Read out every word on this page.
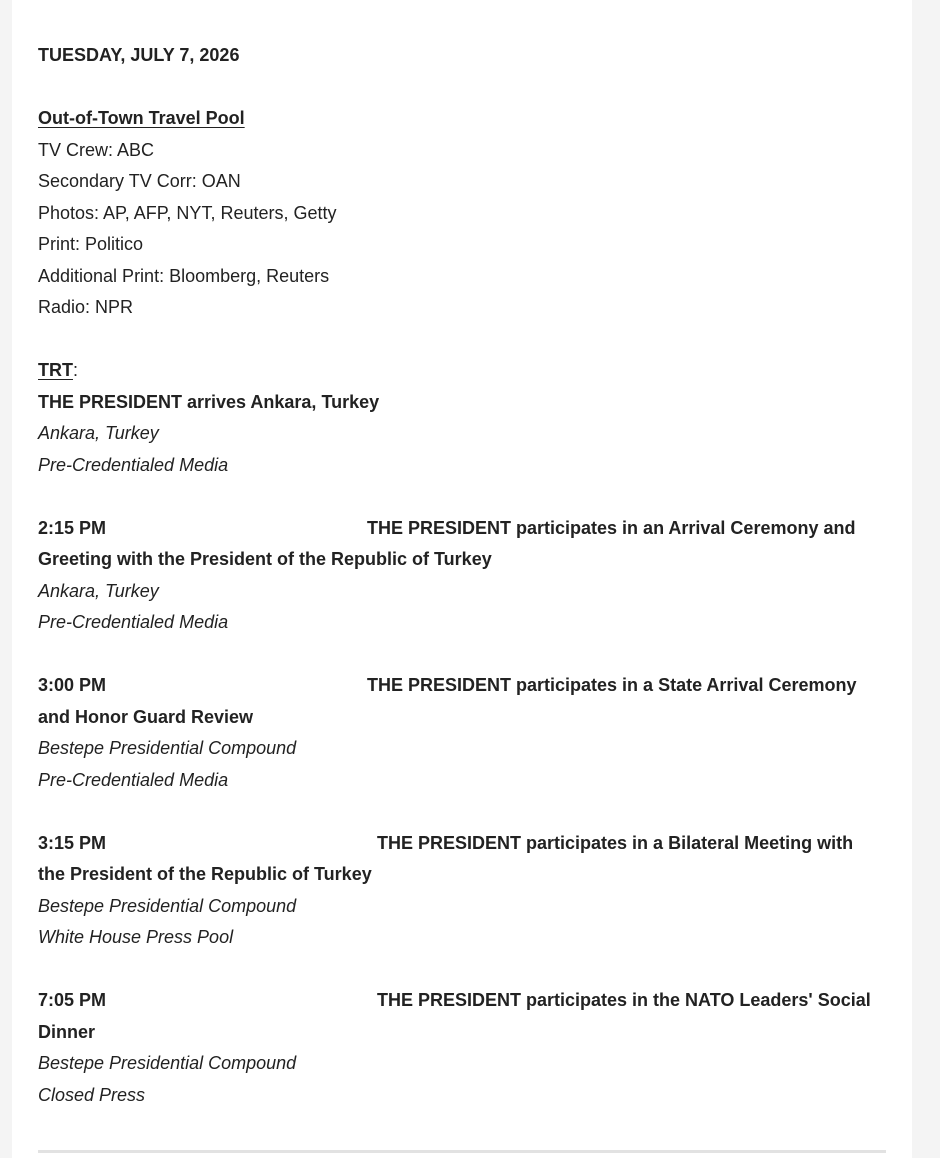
TUESDAY, JULY 7, 2026

Out-of-Town Travel Pool

TV Crew: ABC

Secondary TV Corr: OAN

Photos: AP, AFP, NYT, Reuters, Getty

Print: Politico

Additional Print: Bloomberg, Reuters

Radio: NPR

TRT:

THE PRESIDENT arrives Ankara, Turkey

Ankara, Turkey

Pre-Credentialed Media

2:15 PM	THE PRESIDENT participates in an Arrival Ceremony and

Greeting with the President of the Republic of Turkey

Ankara, Turkey

Pre-Credentialed Media

3:00 PM	THE PRESIDENT participates in a State Arrival Ceremony

and Honor Guard Review

Bestepe Presidential Compound

Pre-Credentialed Media

3:15 PM	THE PRESIDENT participates in a Bilateral Meeting with

the President of the Republic of Turkey

Bestepe Presidential Compound

White House Press Pool

7:05 PM	THE PRESIDENT participates in the NATO Leaders' Social

Dinner

Bestepe Presidential Compound

Closed Press
